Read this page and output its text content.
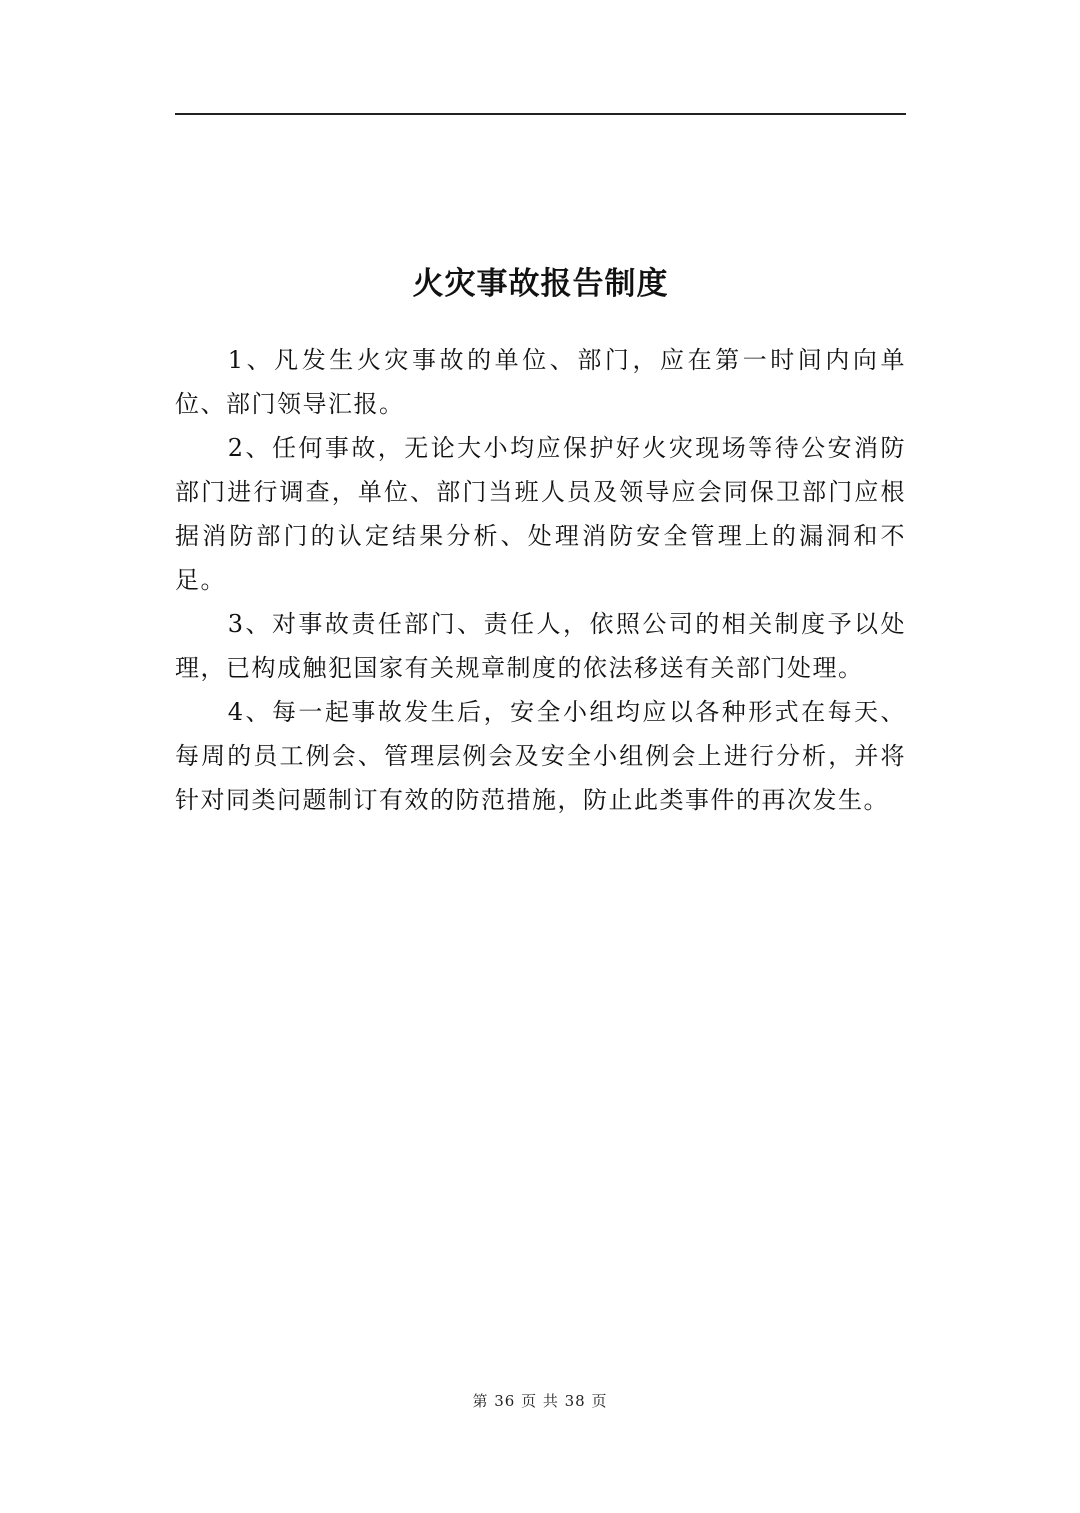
火灾事故报告制度

1、凡发生火灾事故的单位、部门，应在第一时间内向单位、部门领导汇报。

2、任何事故，无论大小均应保护好火灾现场等待公安消防部门进行调查，单位、部门当班人员及领导应会同保卫部门应根据消防部门的认定结果分析、处理消防安全管理上的漏洞和不足。

3、对事故责任部门、责任人，依照公司的相关制度予以处理，已构成触犯国家有关规章制度的依法移送有关部门处理。

4、每一起事故发生后，安全小组均应以各种形式在每天、每周的员工例会、管理层例会及安全小组例会上进行分析，并将针对同类问题制订有效的防范措施，防止此类事件的再次发生。

第 36 页 共 38 页
